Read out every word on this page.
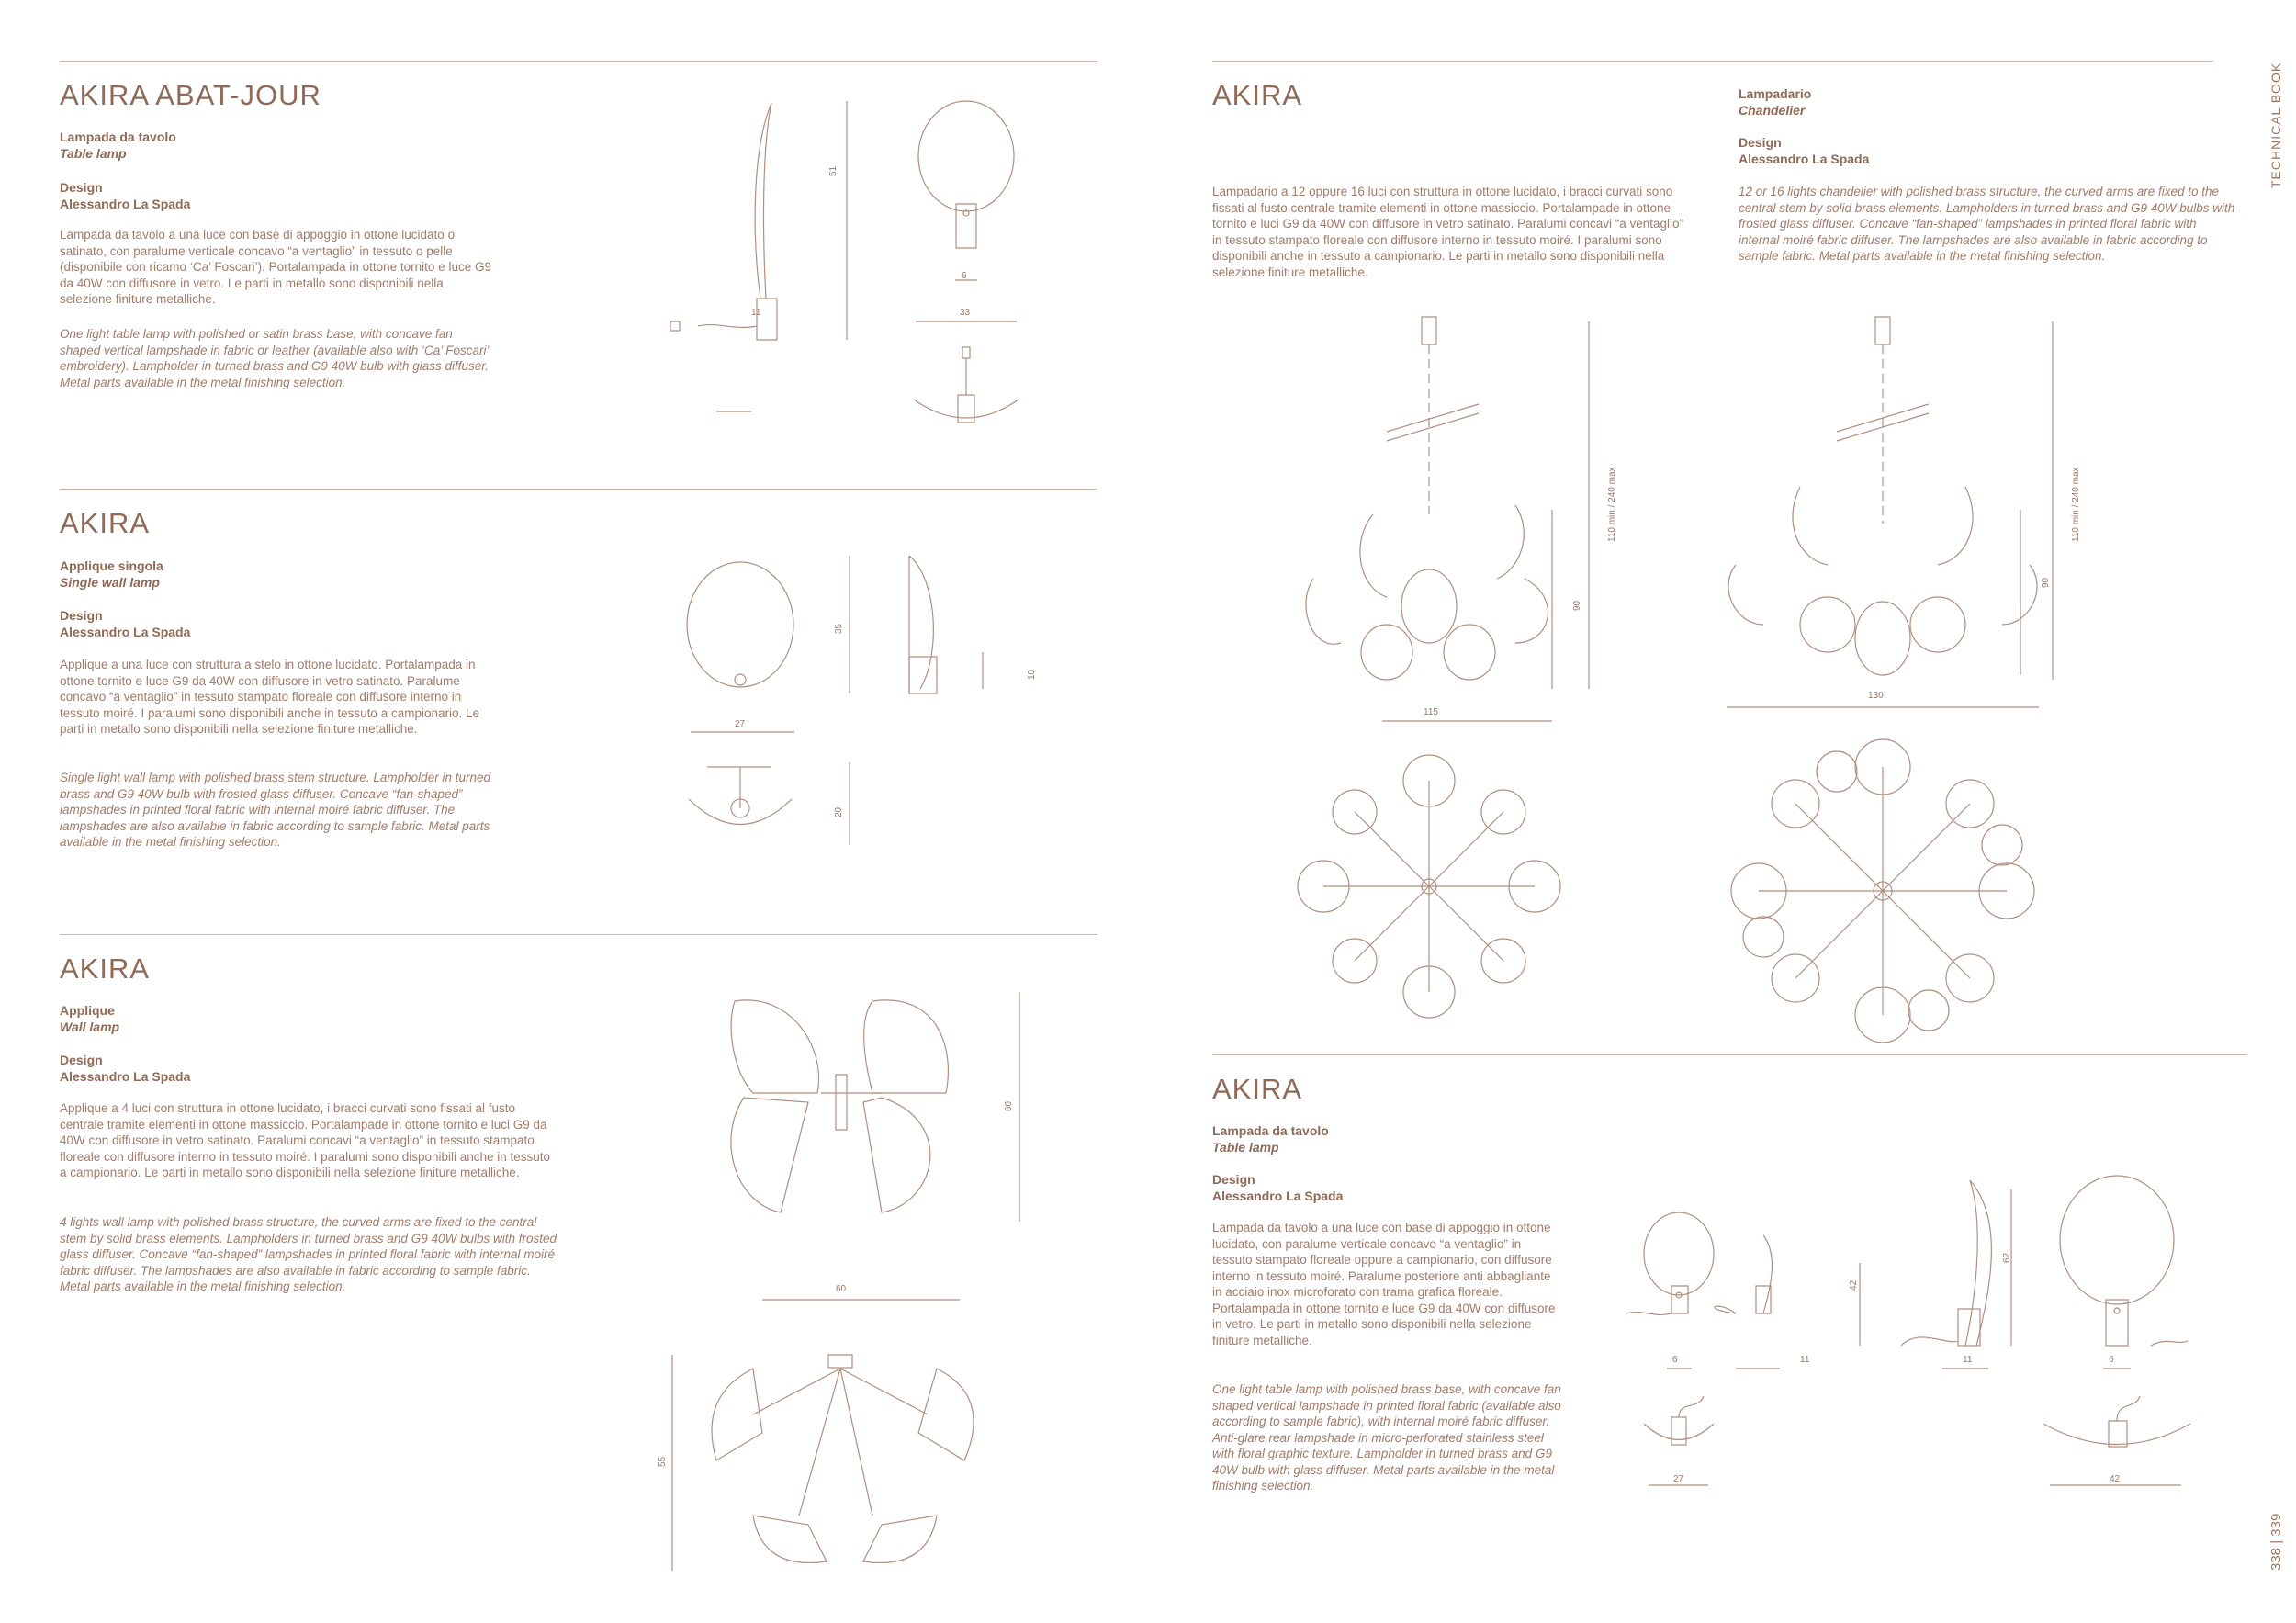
TECHNICAL BOOK
338 | 339
AKIRA ABAT-JOUR
Lampada da tavolo
Table lamp
Design
Alessandro La Spada
Lampada da tavolo a una luce con base di appoggio in ottone lucidato o satinato, con paralume verticale concavo “a ventaglio” in tessuto o pelle (disponibile con ricamo ‘Ca’ Foscari’). Portalampada in ottone tornito e luce G9 da 40W con diffusore in vetro. Le parti in metallo sono disponibili nella selezione finiture metalliche.
One light table lamp with polished or satin brass base, with concave fan shaped vertical lampshade in fabric or leather (available also with ‘Ca’ Foscari’ embroidery). Lampholder in turned brass and G9 40W bulb with glass diffuser. Metal parts available in the metal finishing selection.
51
11
6
33
AKIRA
Applique singola
Single wall lamp
Design
Alessandro La Spada
Applique a una luce con struttura a stelo in ottone lucidato. Portalampada in ottone tornito e luce G9 da 40W con diffusore in vetro satinato. Paralume concavo “a ventaglio” in tessuto stampato floreale con diffusore interno in tessuto moiré. I paralumi sono disponibili anche in tessuto a campionario. Le parti in metallo sono disponibili nella selezione finiture metalliche.
Single light wall lamp with polished brass stem structure. Lampholder in turned brass and G9 40W bulb with frosted glass diffuser. Concave “fan-shaped” lampshades in printed floral fabric with internal moiré fabric diffuser. The lampshades are also available in fabric according to sample fabric. Metal parts available in the metal finishing selection.
35
27
10
20
AKIRA
Applique
Wall lamp
Design
Alessandro La Spada
Applique a 4 luci con struttura in ottone lucidato, i bracci curvati sono fissati al fusto centrale tramite elementi in ottone massiccio. Portalampade in ottone tornito e luci G9 da 40W con diffusore in vetro satinato. Paralumi concavi “a ventaglio” in tessuto stampato floreale con diffusore interno in tessuto moiré. I paralumi sono disponibili anche in tessuto a campionario. Le parti in metallo sono disponibili nella selezione finiture metalliche.
4 lights wall lamp with polished brass structure, the curved arms are fixed to the central stem by solid brass elements. Lampholders in turned brass and G9 40W bulbs with frosted glass diffuser. Concave “fan-shaped” lampshades in printed floral fabric with internal moiré fabric diffuser. The lampshades are also available in fabric according to sample fabric. Metal parts available in the metal finishing selection.
60
60
55
AKIRA	Lampadario
Chandelier
Design
Alessandro La Spada
Lampadario a 12 oppure 16 luci con struttura in ottone lucidato, i bracci curvati sono fissati al fusto centrale tramite elementi in ottone massiccio. Portalampade in ottone tornito e luci G9 da 40W con diffusore in vetro satinato. Paralumi concavi “a ventaglio” in tessuto stampato floreale con diffusore interno in tessuto moiré. I paralumi sono disponibili anche in tessuto a campionario. Le parti in metallo sono disponibili nella selezione finiture metalliche.
12 or 16 lights chandelier with polished brass structure, the curved arms are fixed to the central stem by solid brass elements. Lampholders in turned brass and G9 40W bulbs with frosted glass diffuser. Concave “fan-shaped” lampshades in printed floral fabric with internal moiré fabric diffuser. The lampshades are also available in fabric according to sample fabric. Metal parts available in the metal finishing selection.
110 min / 240 max
90
115
110 min / 240 max
90
130
AKIRA
Lampada da tavolo
Table lamp
Design
Alessandro La Spada
Lampada da tavolo a una luce con base di appoggio in ottone lucidato, con paralume verticale concavo “a ventaglio” in tessuto stampato floreale oppure a campionario, con diffusore interno in tessuto moiré. Paralume posteriore anti abbagliante in acciaio inox microforato con trama grafica floreale. Portalampada in ottone tornito e luce G9 da 40W con diffusore in vetro. Le parti in metallo sono disponibili nella selezione finiture metalliche.
One light table lamp with polished brass base, with concave fan shaped vertical lampshade in printed floral fabric (available also according to sample fabric), with internal moiré fabric diffuser. Anti-glare rear lampshade in micro-perforated stainless steel with floral graphic texture. Lampholder in turned brass and G9 40W bulb with glass diffuser. Metal parts available in the metal finishing selection.
6	11
42
11
62
6
27	42
